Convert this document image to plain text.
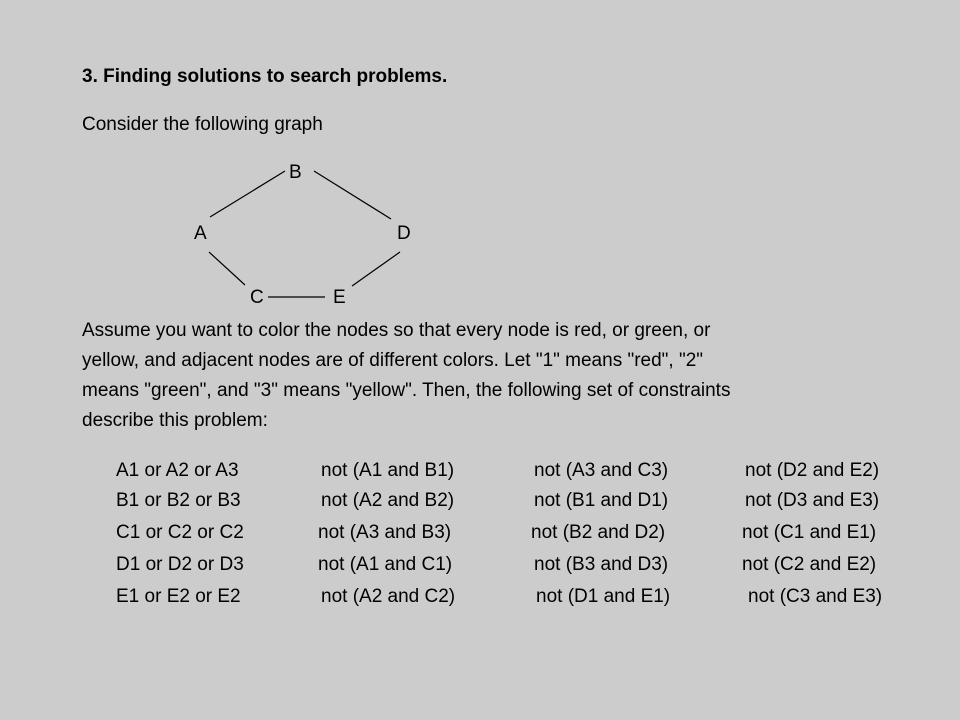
3. Finding solutions to search problems.
Consider the following graph
B
A	D
C	E
Assume you want to color the nodes so that every node is red, or green, or
yellow, and adjacent nodes are of different colors. Let "1" means "red", "2"
means "green", and "3" means "yellow". Then, the following set of constraints
describe this problem:
A1 or A2 or A3	not (A1 and B1)	not (A3 and C3)	not (D2 and E2)
B1 or B2 or B3	not (A2 and B2)	not (B1 and D1)	not (D3 and E3)
C1 or C2 or C2	not (A3 and B3)	not (B2 and D2)	not (C1 and E1)
D1 or D2 or D3	not (A1 and C1)	not (B3 and D3)	not (C2 and E2)
E1 or E2 or E2	not (A2 and C2)	not (D1 and E1)	not (C3 and E3)
